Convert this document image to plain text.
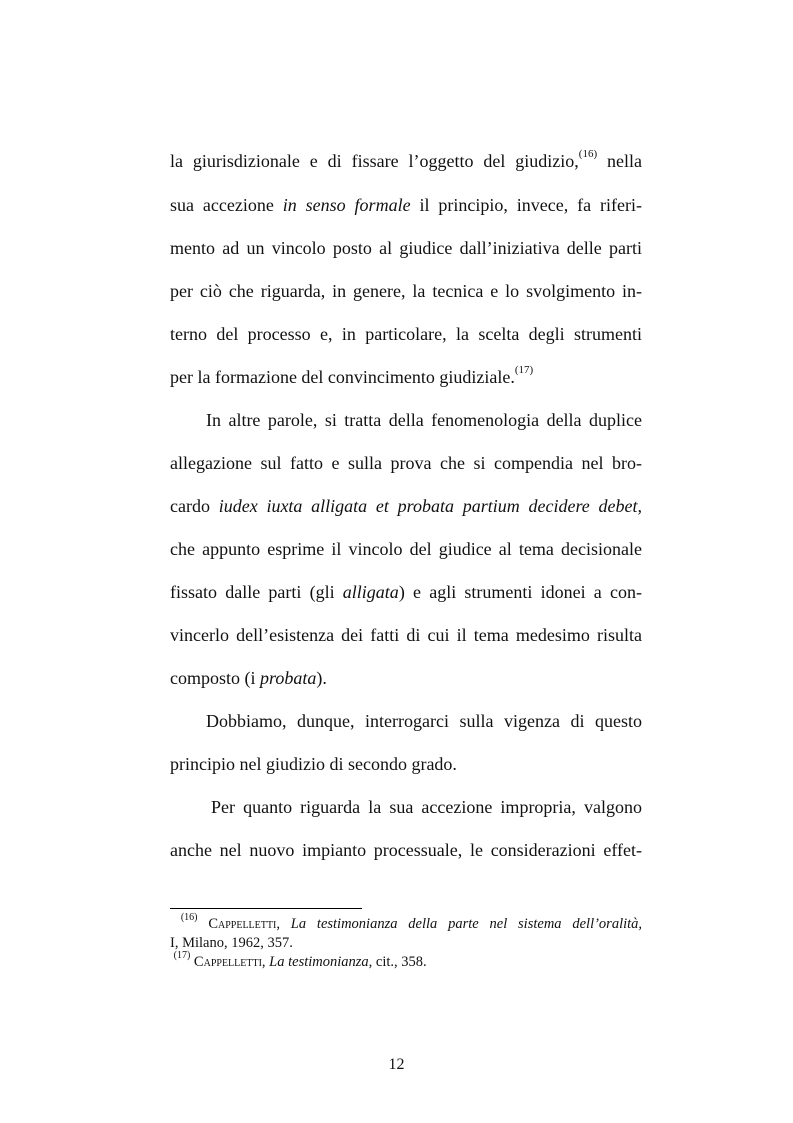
la giurisdizionale e di fissare l’oggetto del giudizio,$^{(16)}$ nella
sua accezione in senso formale il principio, invece, fa riferi-
mento ad un vincolo posto al giudice dall’iniziativa delle parti
per ciò che riguarda, in genere, la tecnica e lo svolgimento in-
terno del processo e, in particolare, la scelta degli strumenti
per la formazione del convincimento giudiziale.$^{(17)}$
In altre parole, si tratta della fenomenologia della duplice
allegazione sul fatto e sulla prova che si compendia nel bro-
cardo iudex iuxta alligata et probata partium decidere debet,
che appunto esprime il vincolo del giudice al tema decisionale
fissato dalle parti (gli alligata) e agli strumenti idonei a con-
vincerlo dell’esistenza dei fatti di cui il tema medesimo risulta
composto (i probata).
Dobbiamo, dunque, interrogarci sulla vigenza di questo
principio nel giudizio di secondo grado.
Per quanto riguarda la sua accezione impropria, valgono
anche nel nuovo impianto processuale, le considerazioni effet-
$^{(16)}$ Cappelletti, La testimonianza della parte nel sistema dell’oralità,
I, Milano, 1962, 357.
$^{(17)}$ Cappelletti, La testimonianza, cit., 358.
12
